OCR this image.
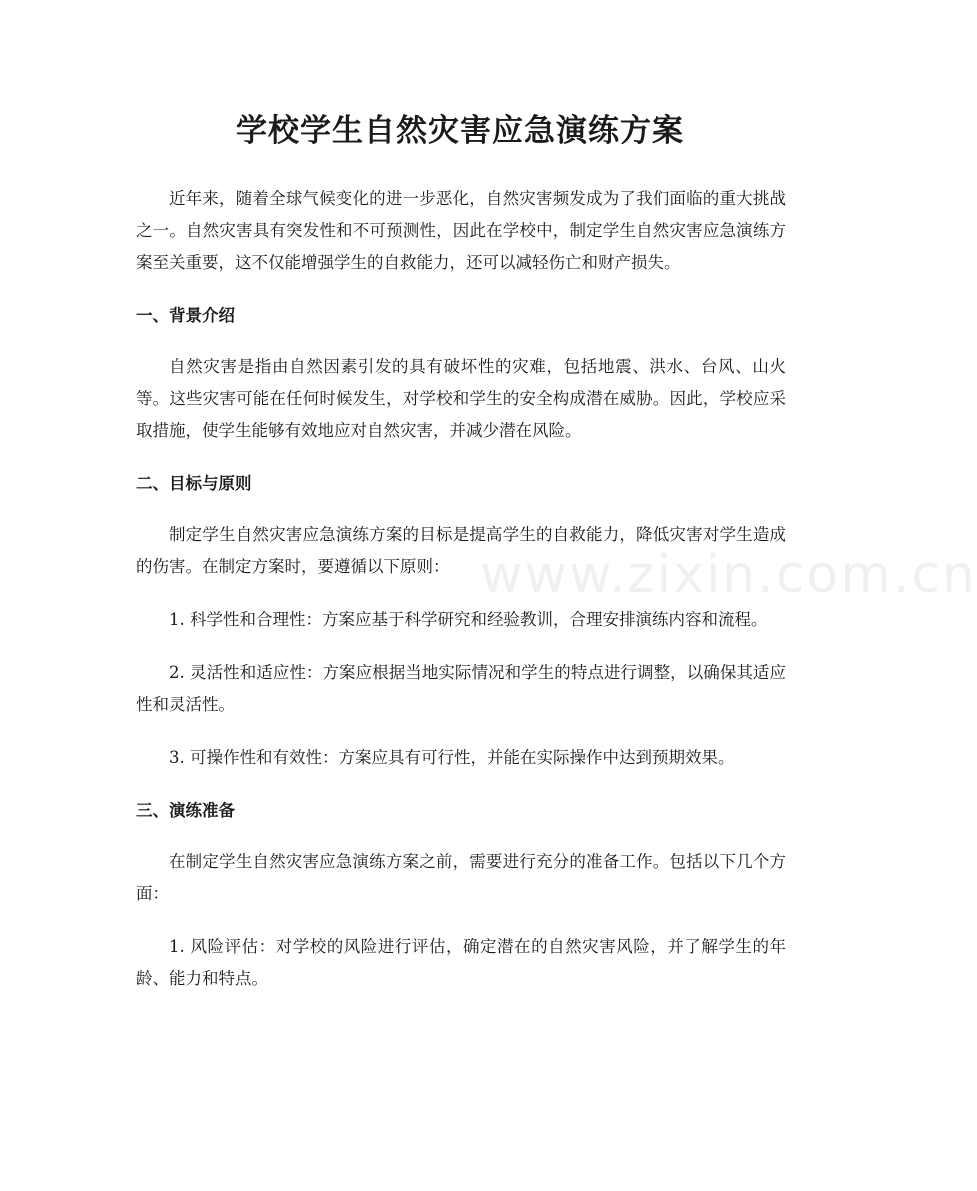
www.zixin.com.cn
学校学生自然灾害应急演练方案

近年来，随着全球气候变化的进一步恶化，自然灾害频发成为了我们面临的重大挑战之一。自然灾害具有突发性和不可预测性，因此在学校中，制定学生自然灾害应急演练方案至关重要，这不仅能增强学生的自救能力，还可以减轻伤亡和财产损失。

一、背景介绍

自然灾害是指由自然因素引发的具有破坏性的灾难，包括地震、洪水、台风、山火等。这些灾害可能在任何时候发生，对学校和学生的安全构成潜在威胁。因此，学校应采取措施，使学生能够有效地应对自然灾害，并减少潜在风险。

二、目标与原则

制定学生自然灾害应急演练方案的目标是提高学生的自救能力，降低灾害对学生造成的伤害。在制定方案时，要遵循以下原则：

1. 科学性和合理性：方案应基于科学研究和经验教训，合理安排演练内容和流程。

2. 灵活性和适应性：方案应根据当地实际情况和学生的特点进行调整，以确保其适应性和灵活性。

3. 可操作性和有效性：方案应具有可行性，并能在实际操作中达到预期效果。

三、演练准备

在制定学生自然灾害应急演练方案之前，需要进行充分的准备工作。包括以下几个方面：

1. 风险评估：对学校的风险进行评估，确定潜在的自然灾害风险，并了解学生的年龄、能力和特点。
